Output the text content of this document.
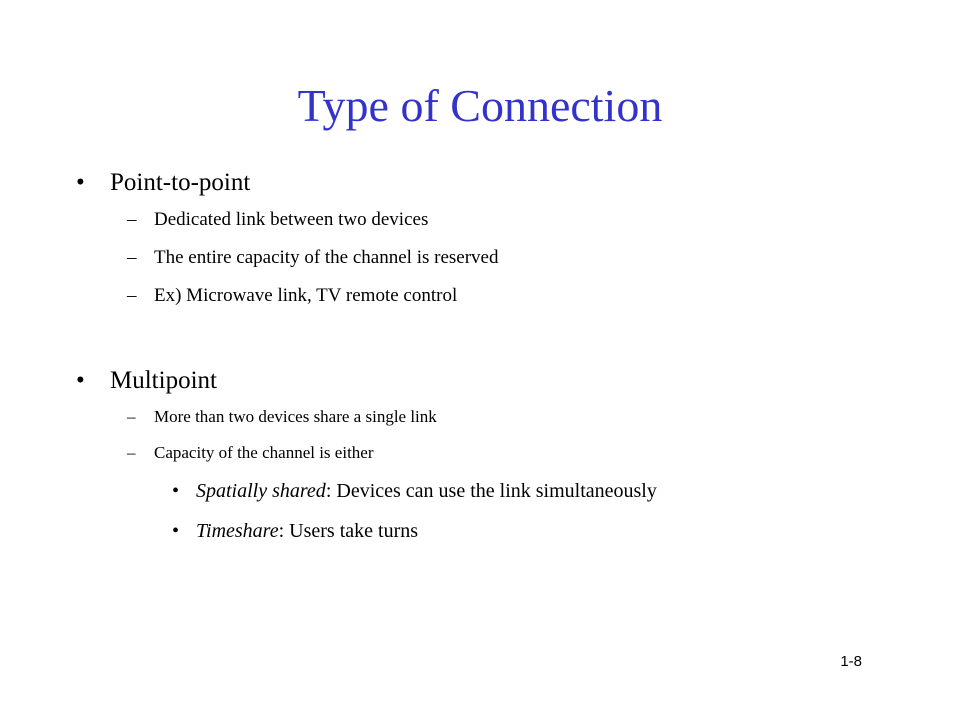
Type of Connection
• Point-to-point
– Dedicated link between two devices
– The entire capacity of the channel is reserved
– Ex) Microwave link, TV remote control
• Multipoint
– More than two devices share a single link
– Capacity of the channel is either
• Spatially shared: Devices can use the link simultaneously
• Timeshare: Users take turns
1-8
